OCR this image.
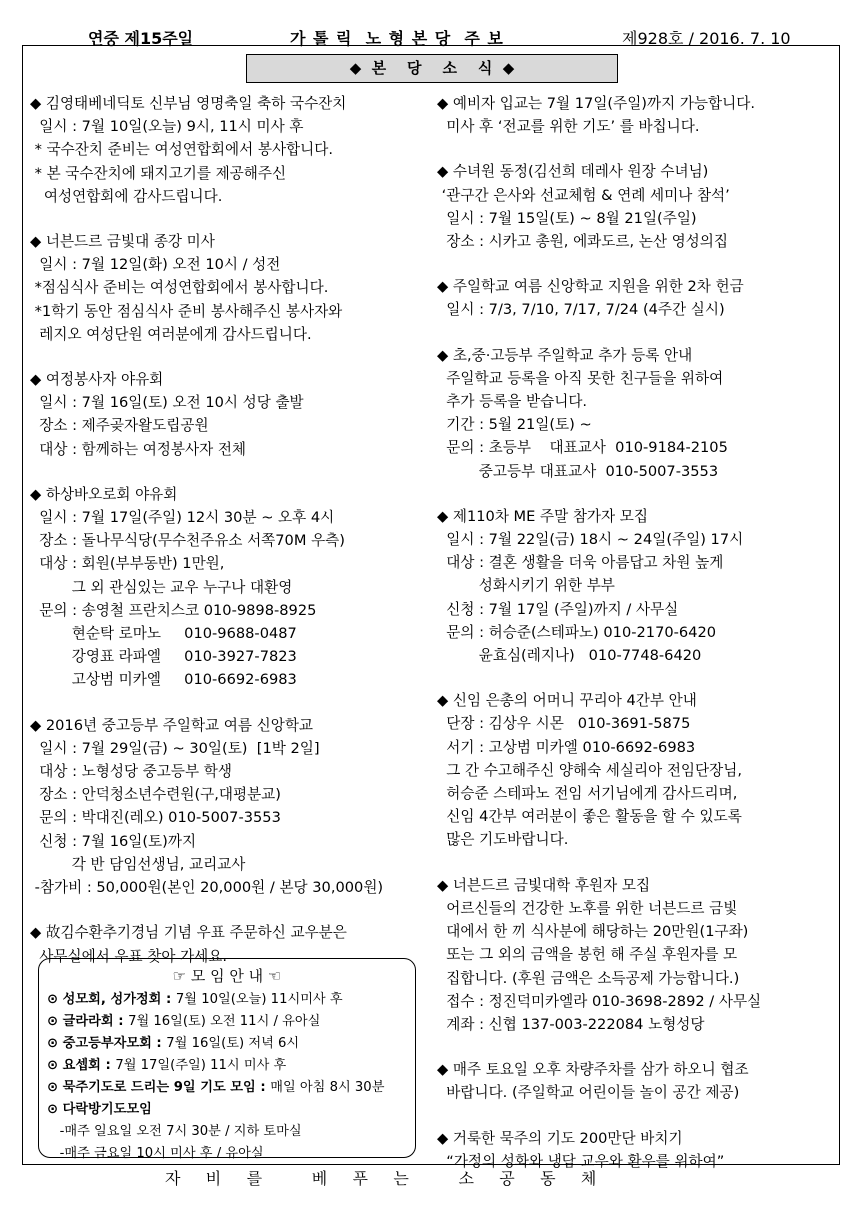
연중 제15주일	가 톨 릭  노 형 본 당  주 보	제928호 / 2016. 7. 10
◆  본    당    소    식  ◆
◆ 김영태베네딕토 신부님 영명축일 축하 국수잔치
일시 : 7월 10일(오늘) 9시, 11시 미사 후
* 국수잔치 준비는 여성연합회에서 봉사합니다.
* 본 국수잔치에 돼지고기를 제공해주신
여성연합회에 감사드립니다.
◆ 너븐드르 금빛대 종강 미사
일시 : 7월 12일(화) 오전 10시 / 성전
*점심식사 준비는 여성연합회에서 봉사합니다.
*1학기 동안 점심식사 준비 봉사해주신 봉사자와
레지오 여성단원 여러분에게 감사드립니다.
◆ 여정봉사자 야유회
일시 : 7월 16일(토) 오전 10시 성당 출발
장소 : 제주곶자왈도립공원
대상 : 함께하는 여정봉사자 전체
◆ 하상바오로회 야유회
일시 : 7월 17일(주일) 12시 30분 ~ 오후 4시
장소 : 돌나무식당(무수천주유소 서쪽70M 우측)
대상 : 회원(부부동반) 1만원,
그 외 관심있는 교우 누구나 대환영
문의 : 송영철 프란치스코 010-9898-8925
현순탁 로마노     010-9688-0487
강영표 라파엘     010-3927-7823
고상범 미카엘     010-6692-6983
◆ 2016년 중고등부 주일학교 여름 신앙학교
일시 : 7월 29일(금) ~ 30일(토)  [1박 2일]
대상 : 노형성당 중고등부 학생
장소 : 안덕청소년수련원(구,대평분교)
문의 : 박대진(레오) 010-5007-3553
신청 : 7월 16일(토)까지
각 반 담임선생님, 교리교사
-참가비 : 50,000원(본인 20,000원 / 본당 30,000원)
◆ 故김수환추기경님 기념 우표 주문하신 교우분은
사무실에서 우표 찾아 가세요.
◆ 예비자 입교는 7월 17일(주일)까지 가능합니다.
미사 후 ‘전교를 위한 기도’ 를 바칩니다.
◆ 수녀원 동정(김선희 데레사 원장 수녀님)
‘관구간 은사와 선교체험 & 연례 세미나 참석’
일시 : 7월 15일(토) ~ 8월 21일(주일)
장소 : 시카고 총원, 에콰도르, 논산 영성의집
◆ 주일학교 여름 신앙학교 지원을 위한 2차 헌금
일시 : 7/3, 7/10, 7/17, 7/24 (4주간 실시)
◆ 초,중·고등부 주일학교 추가 등록 안내
주일학교 등록을 아직 못한 친구들을 위하여
추가 등록을 받습니다.
기간 : 5월 21일(토) ~
문의 : 초등부    대표교사  010-9184-2105
중고등부 대표교사  010-5007-3553
◆ 제110차 ME 주말 참가자 모집
일시 : 7월 22일(금) 18시 ~ 24일(주일) 17시
대상 : 결혼 생활을 더욱 아름답고 차원 높게
성화시키기 위한 부부
신청 : 7월 17일 (주일)까지 / 사무실
문의 : 허승준(스테파노) 010-2170-6420
윤효심(레지나)   010-7748-6420
◆ 신임 은총의 어머니 꾸리아 4간부 안내
단장 : 김상우 시몬   010-3691-5875
서기 : 고상범 미카엘 010-6692-6983
그 간 수고해주신 양해숙 세실리아 전임단장님,
허승준 스테파노 전임 서기님에게 감사드리며,
신임 4간부 여러분이 좋은 활동을 할 수 있도록
많은 기도바랍니다.
◆ 너븐드르 금빛대학 후원자 모집
어르신들의 건강한 노후를 위한 너븐드르 금빛
대에서 한 끼 식사분에 해당하는 20만원(1구좌)
또는 그 외의 금액을 봉헌 해 주실 후원자를 모
집합니다. (후원 금액은 소득공제 가능합니다.)
접수 : 정진덕미카엘라 010-3698-2892 / 사무실
계좌 : 신협 137-003-222084 노형성당
◆ 매주 토요일 오후 차량주차를 삼가 하오니 협조
바랍니다. (주일학교 어린이들 놀이 공간 제공)
◆ 거룩한 묵주의 기도 200만단 바치기
“가정의 성화와 냉담 교우와 환우를 위하여”
☞ 모 임 안 내 ☜
⊙ 성모회, 성가정회 : 7월 10일(오늘) 11시미사 후
⊙ 글라라회 : 7월 16일(토) 오전 11시 / 유아실
⊙ 중고등부자모회 : 7월 16일(토) 저녁 6시
⊙ 요셉회 : 7월 17일(주일) 11시 미사 후
⊙ 묵주기도로 드리는 9일 기도 모임 : 매일 아침 8시 30분
⊙ 다락방기도모임
-매주 일요일 오전 7시 30분 / 지하 토마실
-매주 금요일 10시 미사 후 / 유아실
자    비    를        베    푸    는        소    공    동    체
